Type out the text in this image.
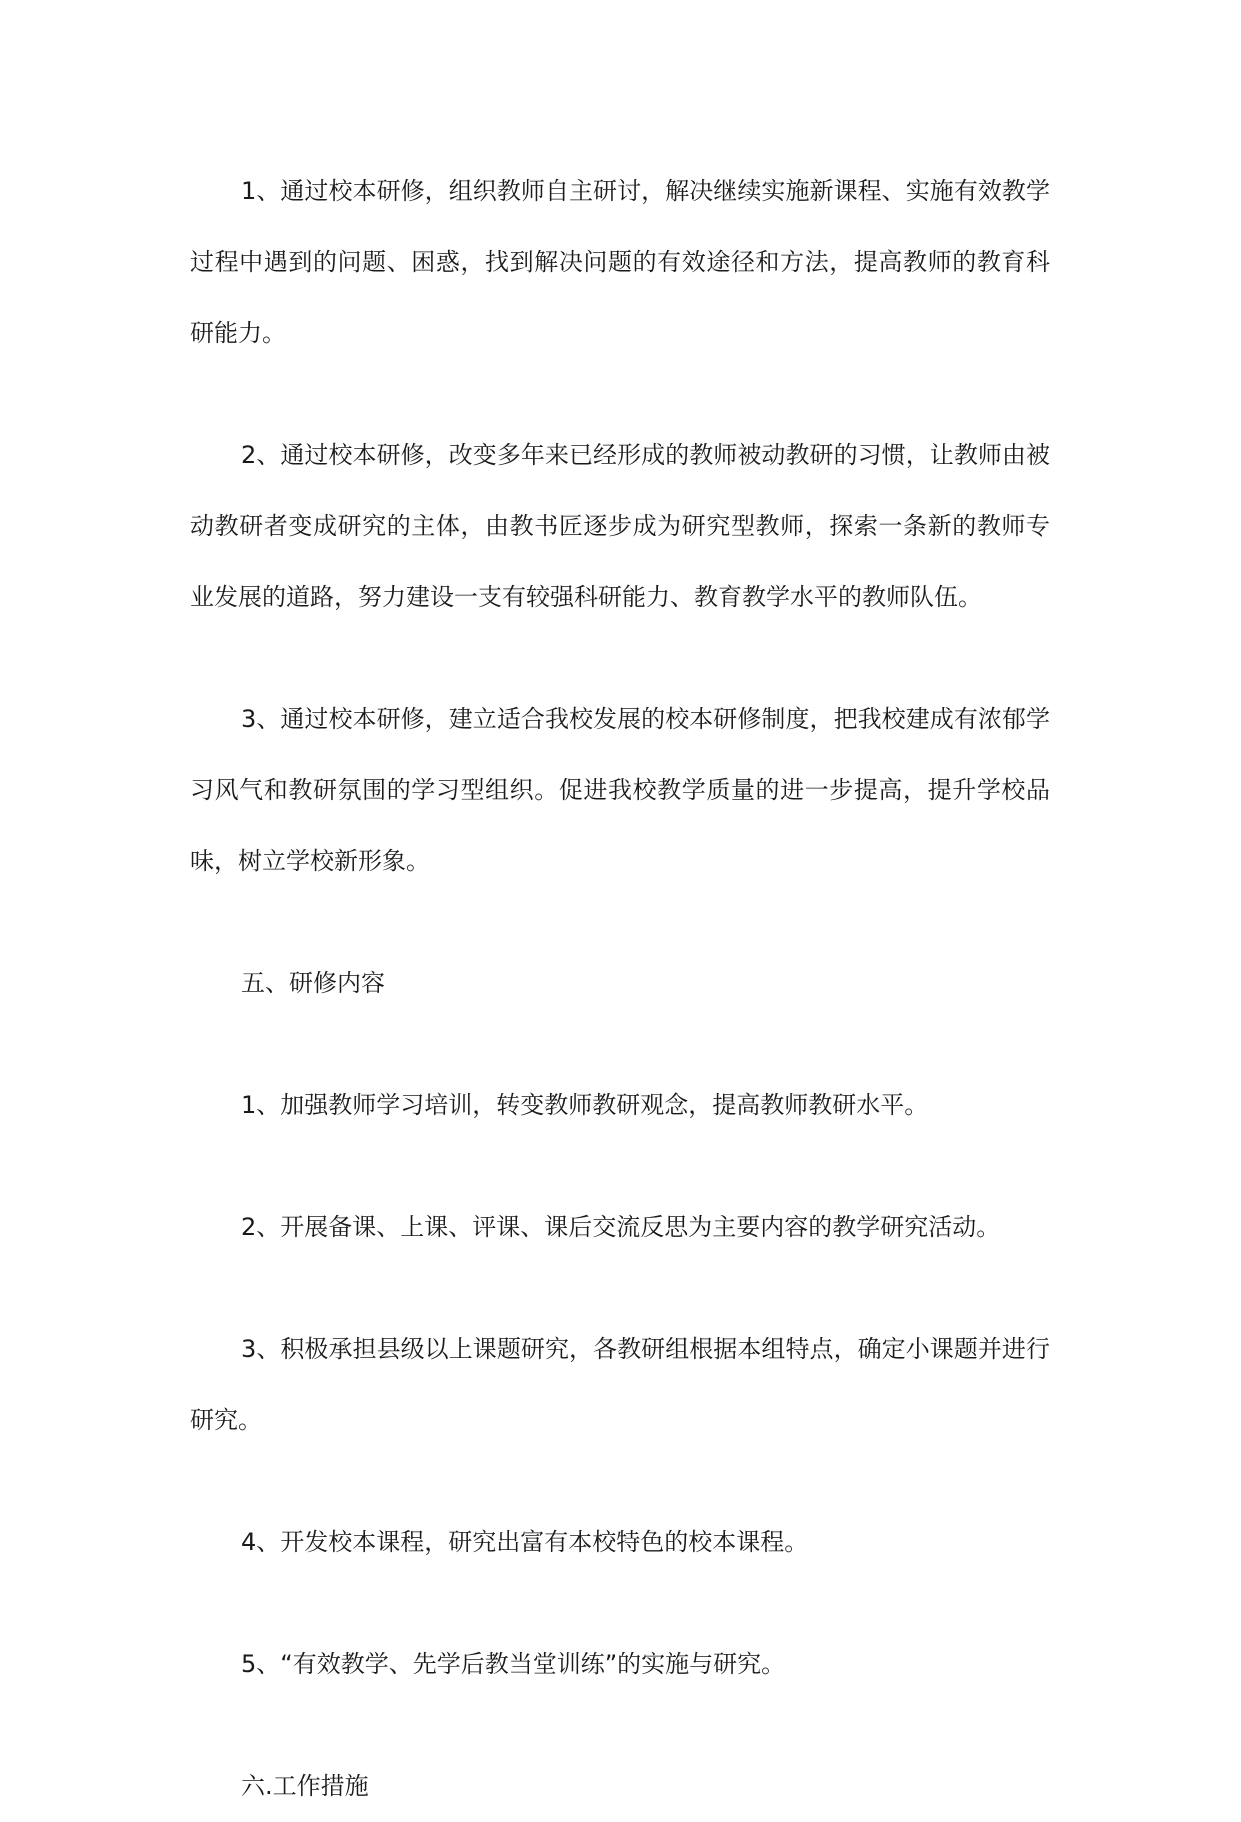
1、通过校本研修，组织教师自主研讨，解决继续实施新课程、实施有效教学过程中遇到的问题、困惑，找到解决问题的有效途径和方法，提高教师的教育科研能力。

2、通过校本研修，改变多年来已经形成的教师被动教研的习惯，让教师由被动教研者变成研究的主体，由教书匠逐步成为研究型教师，探索一条新的教师专业发展的道路，努力建设一支有较强科研能力、教育教学水平的教师队伍。

3、通过校本研修，建立适合我校发展的校本研修制度，把我校建成有浓郁学习风气和教研氛围的学习型组织。促进我校教学质量的进一步提高，提升学校品味，树立学校新形象。

五、研修内容

1、加强教师学习培训，转变教师教研观念，提高教师教研水平。

2、开展备课、上课、评课、课后交流反思为主要内容的教学研究活动。

3、积极承担县级以上课题研究，各教研组根据本组特点，确定小课题并进行研究。

4、开发校本课程，研究出富有本校特色的校本课程。

5、“有效教学、先学后教当堂训练”的实施与研究。

六.工作措施
